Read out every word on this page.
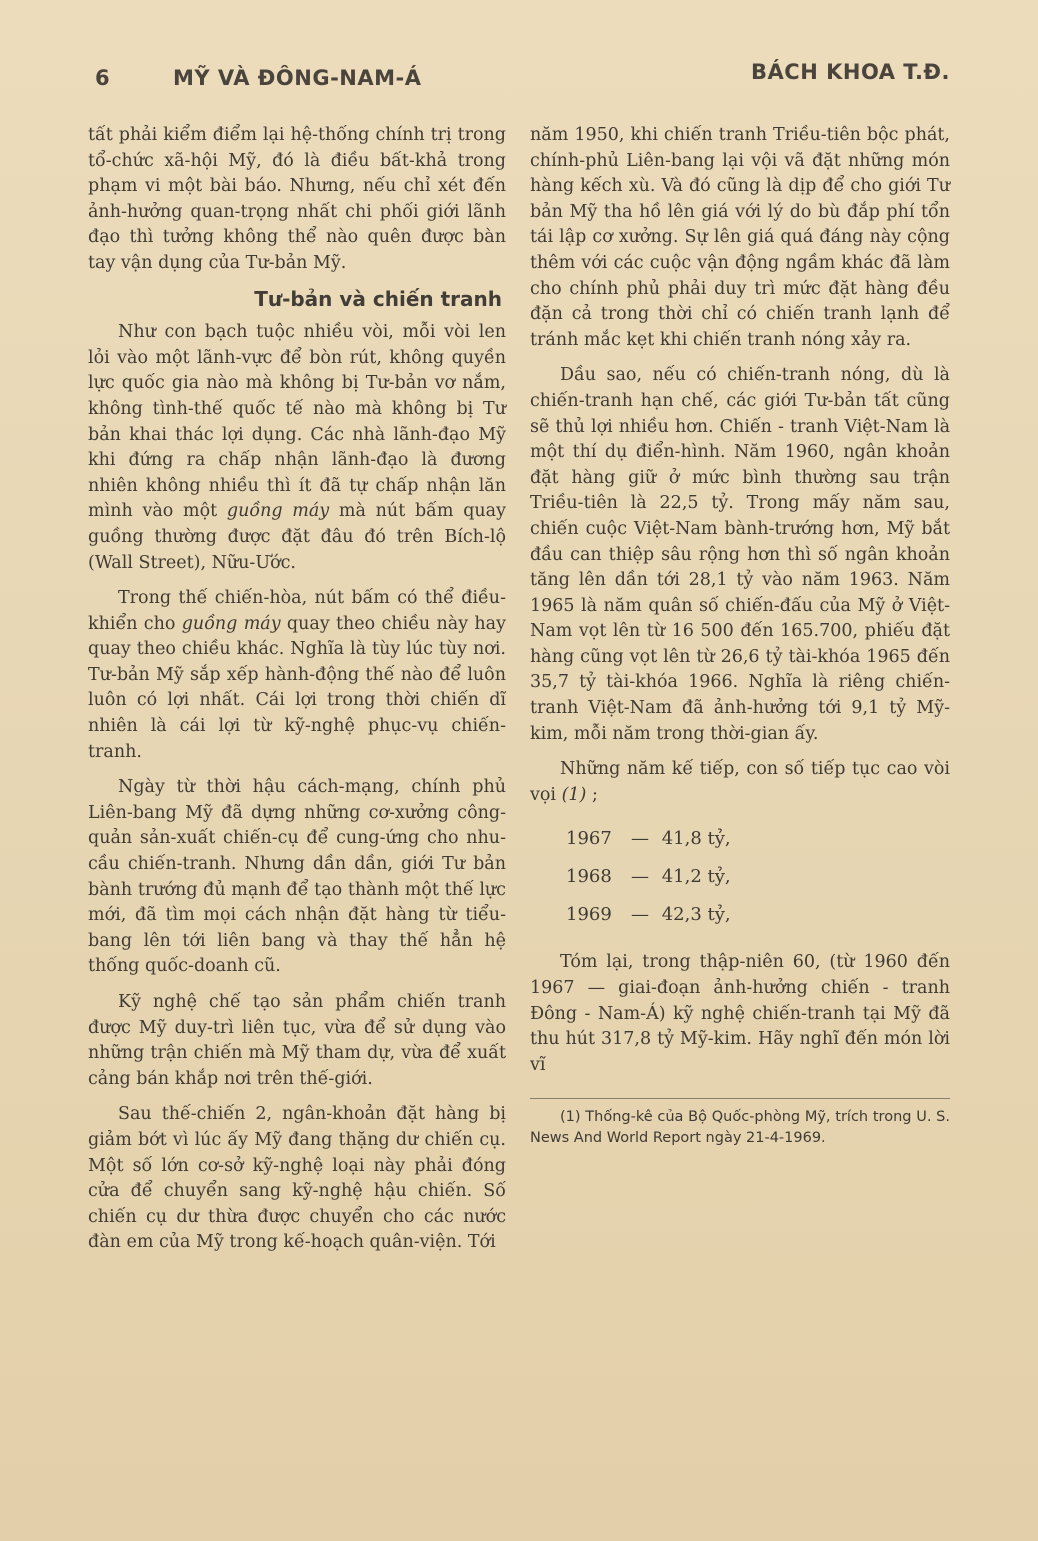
6	MỸ VÀ ĐÔNG-NAM-Á	BÁCH KHOA T.Đ.

tất phải kiểm điểm lại hệ-thống chính trị trong tổ-chức xã-hội Mỹ, đó là điều bất-khả trong phạm vi một bài báo. Nhưng, nếu chỉ xét đến ảnh-hưởng quan-trọng nhất chi phối giới lãnh đạo thì tưởng không thể nào quên được bàn tay vận dụng của Tư-bản Mỹ.

Tư-bản và chiến tranh

Như con bạch tuộc nhiều vòi, mỗi vòi len lỏi vào một lãnh-vực để bòn rút, không quyền lực quốc gia nào mà không bị Tư-bản vơ nắm, không tình-thế quốc tế nào mà không bị Tư bản khai thác lợi dụng. Các nhà lãnh-đạo Mỹ khi đứng ra chấp nhận lãnh-đạo là đương nhiên không nhiều thì ít đã tự chấp nhận lăn mình vào một guồng máy mà nút bấm quay guồng thường được đặt đâu đó trên Bích-lộ (Wall Street), Nữu-Ước.

Trong thế chiến-hòa, nút bấm có thể điều-khiển cho guồng máy quay theo chiều này hay quay theo chiều khác. Nghĩa là tùy lúc tùy nơi. Tư-bản Mỹ sắp xếp hành-động thế nào để luôn luôn có lợi nhất. Cái lợi trong thời chiến dĩ nhiên là cái lợi từ kỹ-nghệ phục-vụ chiến-tranh.

Ngày từ thời hậu cách-mạng, chính phủ Liên-bang Mỹ đã dựng những cơ-xưởng công-quản sản-xuất chiến-cụ để cung-ứng cho nhu-cầu chiến-tranh. Nhưng dần dần, giới Tư bản bành trướng đủ mạnh để tạo thành một thế lực mới, đã tìm mọi cách nhận đặt hàng từ tiểu-bang lên tới liên bang và thay thế hẳn hệ thống quốc-doanh cũ.

Kỹ nghệ chế tạo sản phẩm chiến tranh được Mỹ duy-trì liên tục, vừa để sử dụng vào những trận chiến mà Mỹ tham dự, vừa để xuất cảng bán khắp nơi trên thế-giới.

Sau thế-chiến 2, ngân-khoản đặt hàng bị giảm bớt vì lúc ấy Mỹ đang thặng dư chiến cụ. Một số lớn cơ-sở kỹ-nghệ loại này phải đóng cửa để chuyển sang kỹ-nghệ hậu chiến. Số chiến cụ dư thừa được chuyển cho các nước đàn em của Mỹ trong kế-hoạch quân-viện. Tới

năm 1950, khi chiến tranh Triều-tiên bộc phát, chính-phủ Liên-bang lại vội vã đặt những món hàng kếch xù. Và đó cũng là dịp để cho giới Tư bản Mỹ tha hồ lên giá với lý do bù đắp phí tổn tái lập cơ xưởng. Sự lên giá quá đáng này cộng thêm với các cuộc vận động ngầm khác đã làm cho chính phủ phải duy trì mức đặt hàng đều đặn cả trong thời chỉ có chiến tranh lạnh để tránh mắc kẹt khi chiến tranh nóng xảy ra.

Dầu sao, nếu có chiến-tranh nóng, dù là chiến-tranh hạn chế, các giới Tư-bản tất cũng sẽ thủ lợi nhiều hơn. Chiến - tranh Việt-Nam là một thí dụ điển-hình. Năm 1960, ngân khoản đặt hàng giữ ở mức bình thường sau trận Triều-tiên là 22,5 tỷ. Trong mấy năm sau, chiến cuộc Việt-Nam bành-trướng hơn, Mỹ bắt đầu can thiệp sâu rộng hơn thì số ngân khoản tăng lên dần tới 28,1 tỷ vào năm 1963. Năm 1965 là năm quân số chiến-đấu của Mỹ ở Việt-Nam vọt lên từ 16 500 đến 165.700, phiếu đặt hàng cũng vọt lên từ 26,6 tỷ tài-khóa 1965 đến 35,7 tỷ tài-khóa 1966. Nghĩa là riêng chiến-tranh Việt-Nam đã ảnh-hưởng tới 9,1 tỷ Mỹ-kim, mỗi năm trong thời-gian ấy.

Những năm kế tiếp, con số tiếp tục cao vòi vọi (1) ;

1967 — 41,8 tỷ,
1968 — 41,2 tỷ,
1969 — 42,3 tỷ,

Tóm lại, trong thập-niên 60, (từ 1960 đến 1967 — giai-đoạn ảnh-hưởng chiến - tranh Đông - Nam-Á) kỹ nghệ chiến-tranh tại Mỹ đã thu hút 317,8 tỷ Mỹ-kim. Hãy nghĩ đến món lời vĩ

(1) Thống-kê của Bộ Quốc-phòng Mỹ, trích trong U. S. News And World Report ngày 21-4-1969.
